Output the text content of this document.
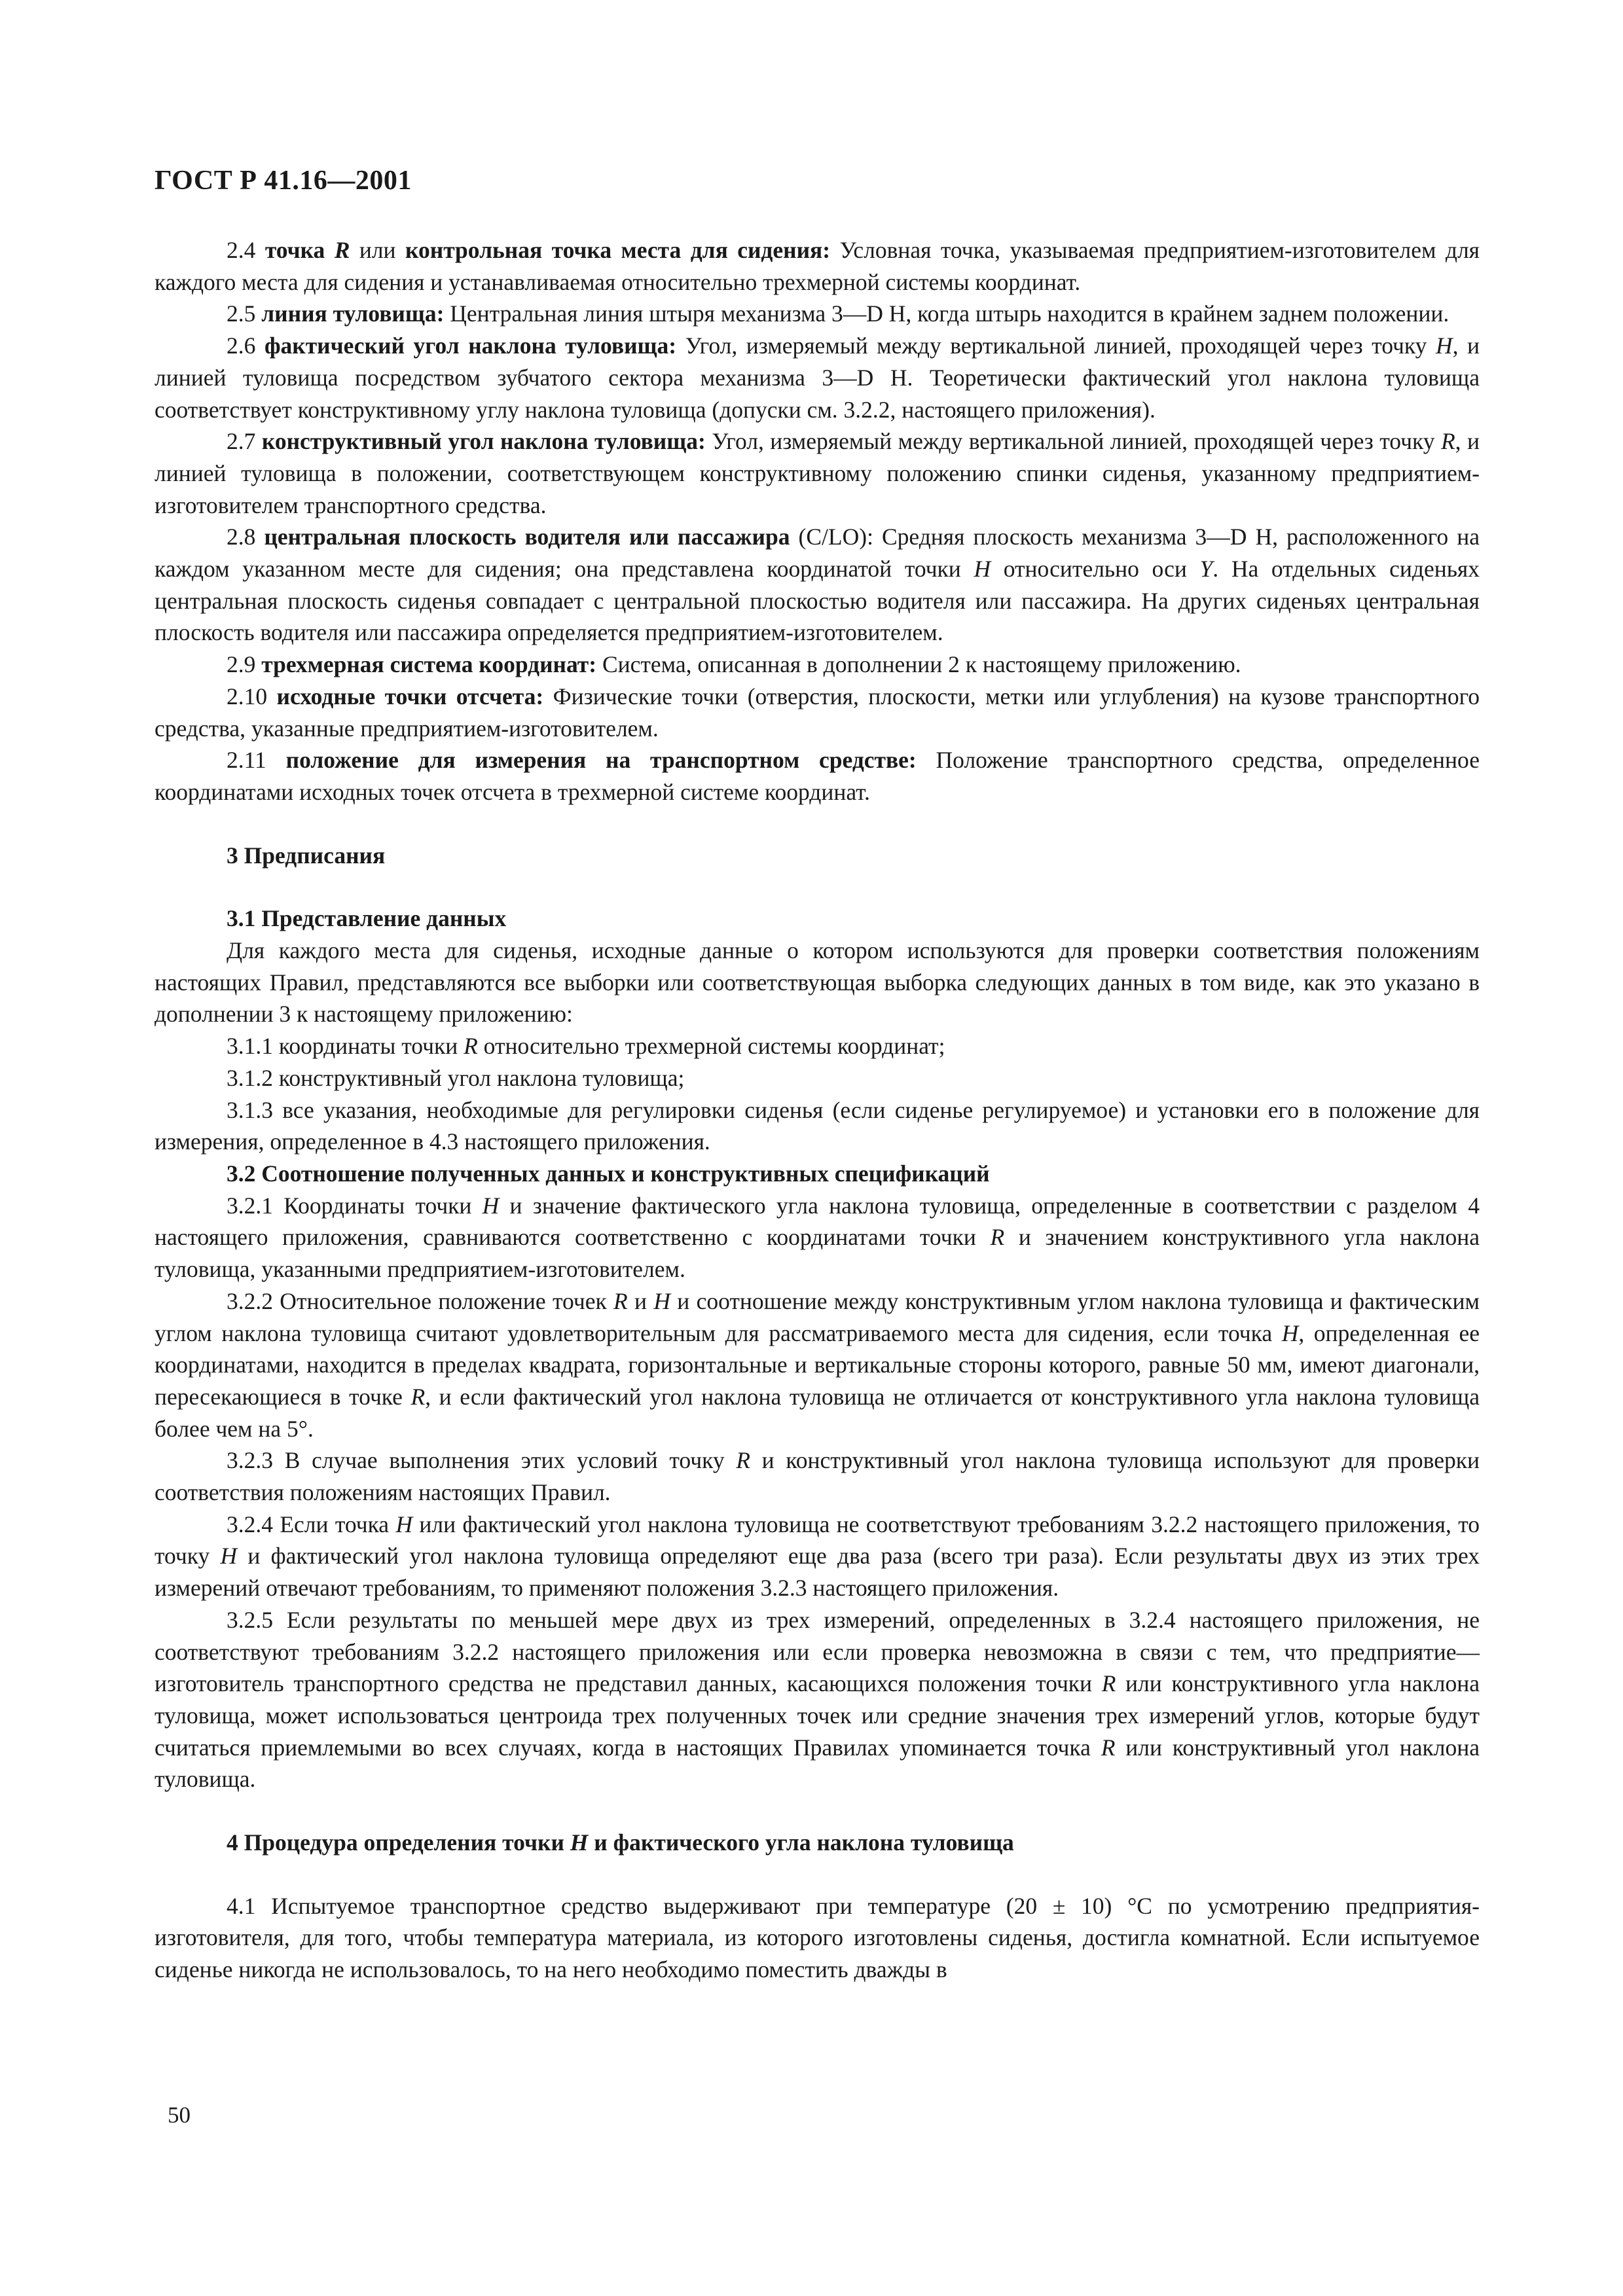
ГОСТ Р 41.16—2001

2.4 точка R или контрольная точка места для сидения: Условная точка, указываемая предприятием-изготовителем для каждого места для сидения и устанавливаемая относительно трехмерной системы координат.

2.5 линия туловища: Центральная линия штыря механизма 3—D H, когда штырь находится в крайнем заднем положении.

2.6 фактический угол наклона туловища: Угол, измеряемый между вертикальной линией, проходящей через точку H, и линией туловища посредством зубчатого сектора механизма 3—D H. Теоретически фактический угол наклона туловища соответствует конструктивному углу наклона туловища (допуски см. 3.2.2, настоящего приложения).

2.7 конструктивный угол наклона туловища: Угол, измеряемый между вертикальной линией, проходящей через точку R, и линией туловища в положении, соответствующем конструктивному положению спинки сиденья, указанному предприятием-изготовителем транспортного средства.

2.8 центральная плоскость водителя или пассажира (C/LO): Средняя плоскость механизма 3—D H, расположенного на каждом указанном месте для сидения; она представлена координатой точки H относительно оси Y. На отдельных сиденьях центральная плоскость сиденья совпадает с центральной плоскостью водителя или пассажира. На других сиденьях центральная плоскость водителя или пассажира определяется предприятием-изготовителем.

2.9 трехмерная система координат: Система, описанная в дополнении 2 к настоящему приложению.

2.10 исходные точки отсчета: Физические точки (отверстия, плоскости, метки или углубления) на кузове транспортного средства, указанные предприятием-изготовителем.

2.11 положение для измерения на транспортном средстве: Положение транспортного средства, определенное координатами исходных точек отсчета в трехмерной системе координат.

3 Предписания
3.1 Представление данных

Для каждого места для сиденья, исходные данные о котором используются для проверки соответствия положениям настоящих Правил, представляются все выборки или соответствующая выборка следующих данных в том виде, как это указано в дополнении 3 к настоящему приложению:

3.1.1 координаты точки R относительно трехмерной системы координат;

3.1.2 конструктивный угол наклона туловища;

3.1.3 все указания, необходимые для регулировки сиденья (если сиденье регулируемое) и установки его в положение для измерения, определенное в 4.3 настоящего приложения.

3.2 Соотношение полученных данных и конструктивных спецификаций

3.2.1 Координаты точки H и значение фактического угла наклона туловища, определенные в соответствии с разделом 4 настоящего приложения, сравниваются соответственно с координатами точки R и значением конструктивного угла наклона туловища, указанными предприятием-изготовителем.

3.2.2 Относительное положение точек R и H и соотношение между конструктивным углом наклона туловища и фактическим углом наклона туловища считают удовлетворительным для рассматриваемого места для сидения, если точка H, определенная ее координатами, находится в пределах квадрата, горизонтальные и вертикальные стороны которого, равные 50 мм, имеют диагонали, пересекающиеся в точке R, и если фактический угол наклона туловища не отличается от конструктивного угла наклона туловища более чем на 5°.

3.2.3 В случае выполнения этих условий точку R и конструктивный угол наклона туловища используют для проверки соответствия положениям настоящих Правил.

3.2.4 Если точка H или фактический угол наклона туловища не соответствуют требованиям 3.2.2 настоящего приложения, то точку H и фактический угол наклона туловища определяют еще два раза (всего три раза). Если результаты двух из этих трех измерений отвечают требованиям, то применяют положения 3.2.3 настоящего приложения.

3.2.5 Если результаты по меньшей мере двух из трех измерений, определенных в 3.2.4 настоящего приложения, не соответствуют требованиям 3.2.2 настоящего приложения или если проверка невозможна в связи с тем, что предприятие—изготовитель транспортного средства не представил данных, касающихся положения точки R или конструктивного угла наклона туловища, может использоваться центроида трех полученных точек или средние значения трех измерений углов, которые будут считаться приемлемыми во всех случаях, когда в настоящих Правилах упоминается точка R или конструктивный угол наклона туловища.

4 Процедура определения точки H и фактического угла наклона туловища

4.1 Испытуемое транспортное средство выдерживают при температуре (20 ± 10) °С по усмотрению предприятия-изготовителя, для того, чтобы температура материала, из которого изготовлены сиденья, достигла комнатной. Если испытуемое сиденье никогда не использовалось, то на него необходимо поместить дважды в

50
